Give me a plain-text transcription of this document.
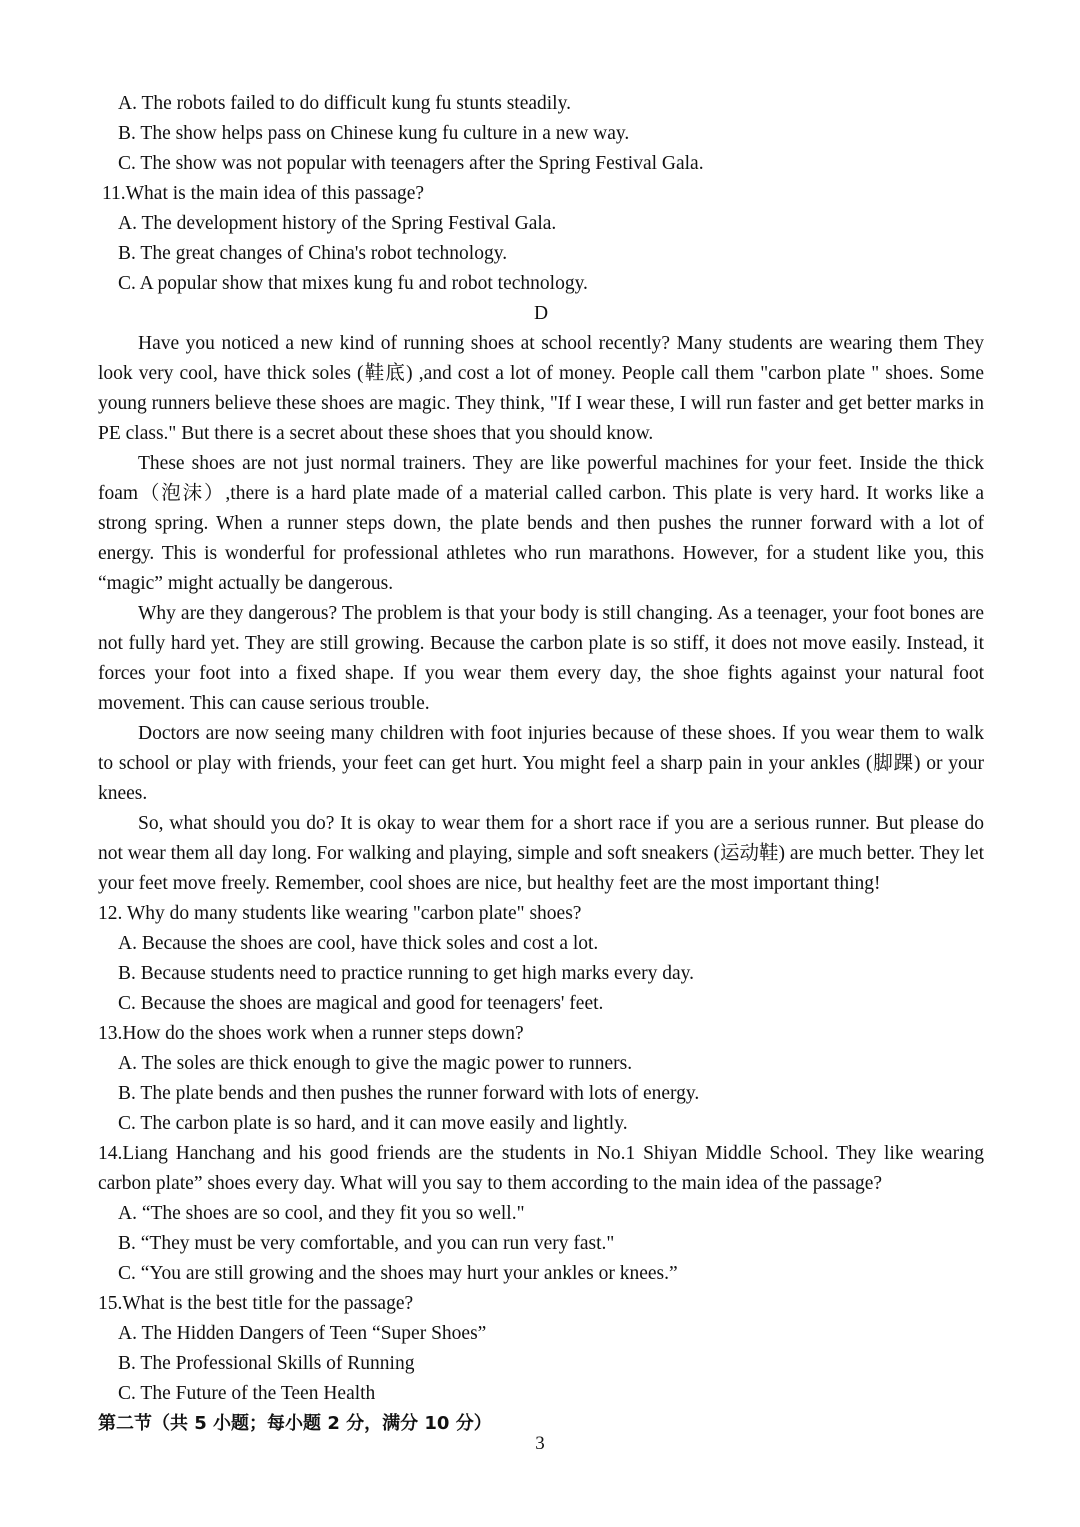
A. The robots failed to do difficult kung fu stunts steadily.
B. The show helps pass on Chinese kung fu culture in a new way.
C. The show was not popular with teenagers after the Spring Festival Gala.
11.What is the main idea of this passage?
A. The development history of the Spring Festival Gala.
B. The great changes of China's robot technology.
C. A popular show that mixes kung fu and robot technology.
D

Have you noticed a new kind of running shoes at school recently? Many students are wearing them They look very cool, have thick soles (鞋底) ,and cost a lot of money. People call them "carbon plate " shoes. Some young runners believe these shoes are magic. They think, "If I wear these, I will run faster and get better marks in PE class." But there is a secret about these shoes that you should know.

These shoes are not just normal trainers. They are like powerful machines for your feet. Inside the thick foam（泡沫）,there is a hard plate made of a material called carbon. This plate is very hard. It works like a strong spring. When a runner steps down, the plate bends and then pushes the runner forward with a lot of energy. This is wonderful for professional athletes who run marathons. However, for a student like you, this “magic” might actually be dangerous.

Why are they dangerous? The problem is that your body is still changing. As a teenager, your foot bones are not fully hard yet. They are still growing. Because the carbon plate is so stiff, it does not move easily. Instead, it forces your foot into a fixed shape. If you wear them every day, the shoe fights against your natural foot movement. This can cause serious trouble.

Doctors are now seeing many children with foot injuries because of these shoes. If you wear them to walk to school or play with friends, your feet can get hurt. You might feel a sharp pain in your ankles (脚踝) or your knees.

So, what should you do? It is okay to wear them for a short race if you are a serious runner. But please do not wear them all day long. For walking and playing, simple and soft sneakers (运动鞋) are much better. They let your feet move freely. Remember, cool shoes are nice, but healthy feet are the most important thing!

12. Why do many students like wearing "carbon plate" shoes?
A. Because the shoes are cool, have thick soles and cost a lot.
B. Because students need to practice running to get high marks every day.
C. Because the shoes are magical and good for teenagers' feet.
13.How do the shoes work when a runner steps down?
A. The soles are thick enough to give the magic power to runners.
B. The plate bends and then pushes the runner forward with lots of energy.
C. The carbon plate is so hard, and it can move easily and lightly.

14.Liang Hanchang and his good friends are the students in No.1 Shiyan Middle School. They like wearing carbon plate” shoes every day. What will you say to them according to the main idea of the passage?

A. “The shoes are so cool, and they fit you so well."
B. “They must be very comfortable, and you can run very fast."
C. “You are still growing and the shoes may hurt your ankles or knees.”
15.What is the best title for the passage?
A. The Hidden Dangers of Teen “Super Shoes”
B. The Professional Skills of Running
C. The Future of the Teen Health
第二节（共 5 小题；每小题 2 分，满分 10 分）
3
